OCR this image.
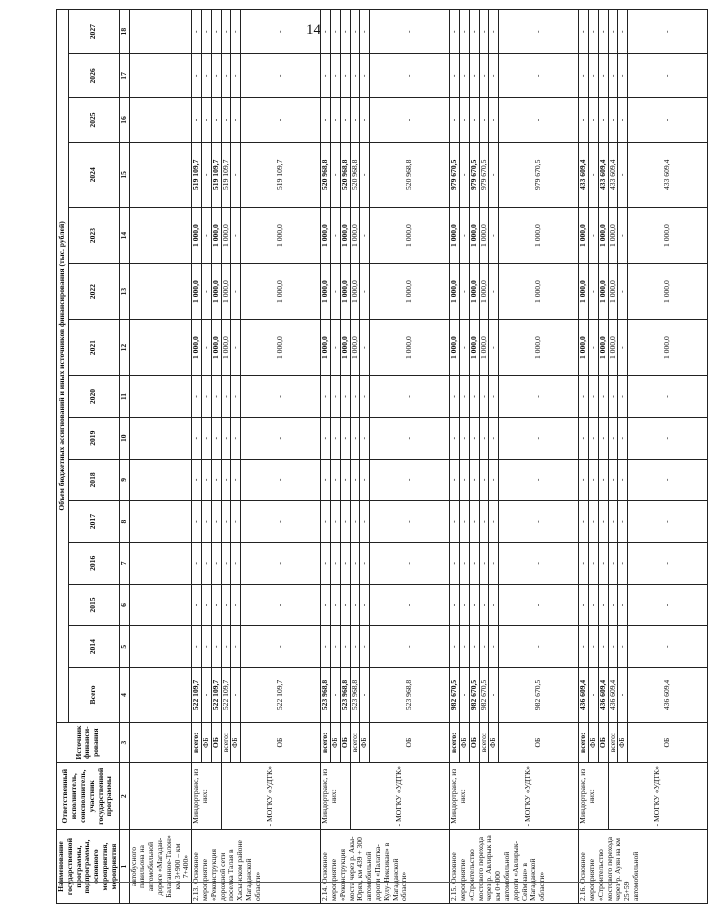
14
Наименование государственной программы, подпрограммы, основного мероприятия, мероприятия	Ответственный исполнитель, соисполнитель, участник государственной программы	Источник финанси-рования	Объем бюджетных ассигнований и иных источников финансирования (тыс. рублей)														
			Всего	2014	2015	2016	2017	2018	2019	2020	2021	2022	2023	2024	2025	2026	2027
1	2	3	4	5	6	7	8	9	10	11	12	13	14	15	16	17	18
автобусного павильона на автомобильной дороге «Магадан-Балаганное-Талон» км 3+900 – км 7+400»																	
2.13. Основное мероприятие «Реконструкция дорожной сети поселка Талая в Хасынском районе Магаданской области»	Миндортранс, из них:	всего:	522 109,7	-	-	-	-	-	-	-	1 000,0	1 000,0	1 000,0	519 109,7	-	-	-
		ФБ	-	-	-	-	-	-	-	-	-	-	-	-	-	-	-
		ОБ	522 109,7	-	-	-	-	-	-	-	1 000,0	1 000,0	1 000,0	519 109,7	-	-	-
	- МОГКУ «УДТК»	всего:	522 109,7	-	-	-	-	-	-	-	1 000,0	1 000,0	1 000,0	519 109,7	-	-	-
		ФБ	-	-	-	-	-	-	-	-	-	-	-	-	-	-	-
		ОБ	522 109,7	-	-	-	-	-	-	-	1 000,0	1 000,0	1 000,0	519 109,7	-	-	-
2.14. Основное мероприятие «Реконструкция моста через р. Акы-Юрях, км 439 + 300 автомобильной дороги «Палатка-Кулу-Нексикан» в Магаданской области»	Миндортранс, из них:	всего:	523 968,8	-	-	-	-	-	-	-	1 000,0	1 000,0	1 000,0	520 968,8	-	-	-
		ФБ	-	-	-	-	-	-	-	-	-	-	-	-	-	-	-
		ОБ	523 968,8	-	-	-	-	-	-	-	1 000,0	1 000,0	1 000,0	520 968,8	-	-	-
	- МОГКУ «УДТК»	всего:	523 968,8	-	-	-	-	-	-	-	1 000,0	1 000,0	1 000,0	520 968,8	-	-	-
		ФБ	-	-	-	-	-	-	-	-	-	-	-	-	-	-	-
		ОБ	523 968,8	-	-	-	-	-	-	-	1 000,0	1 000,0	1 000,0	520 968,8	-	-	-
2.15. Основное мероприятие «Строительство мостового перехода через р. Авлирык на км 0+000 автомобильной дороги «Авлирык-Сеймчан» в Магаданской области»	Миндортранс, из них:	всего:	982 670,5	-	-	-	-	-	-	-	1 000,0	1 000,0	1 000,0	979 670,5	-	-	-
		ФБ	-	-	-	-	-	-	-	-	-	-	-	-	-	-	-
		ОБ	982 670,5	-	-	-	-	-	-	-	1 000,0	1 000,0	1 000,0	979 670,5	-	-	-
	- МОГКУ «УДТК»	всего:	982 670,5	-	-	-	-	-	-	-	1 000,0	1 000,0	1 000,0	979 670,5	-	-	-
		ФБ	-	-	-	-	-	-	-	-	-	-	-	-	-	-	-
		ОБ	982 670,5	-	-	-	-	-	-	-	1 000,0	1 000,0	1 000,0	979 670,5	-	-	-
2.16. Основное мероприятие «Строительство мостового перехода через р. Ауян на км 25+59 автомобильной	Миндортранс, из них:	всего:	436 609,4	-	-	-	-	-	-	-	1 000,0	1 000,0	1 000,0	433 609,4	-	-	-
		ФБ	-	-	-	-	-	-	-	-	-	-	-	-	-	-	-
		ОБ	436 609,4	-	-	-	-	-	-	-	1 000,0	1 000,0	1 000,0	433 609,4	-	-	-
	- МОГКУ «УДТК»	всего:	436 609,4	-	-	-	-	-	-	-	1 000,0	1 000,0	1 000,0	433 609,4	-	-	-
		ФБ	-	-	-	-	-	-	-	-	-	-	-	-	-	-	-
		ОБ	436 609,4	-	-	-	-	-	-	-	1 000,0	1 000,0	1 000,0	433 609,4	-	-	-
